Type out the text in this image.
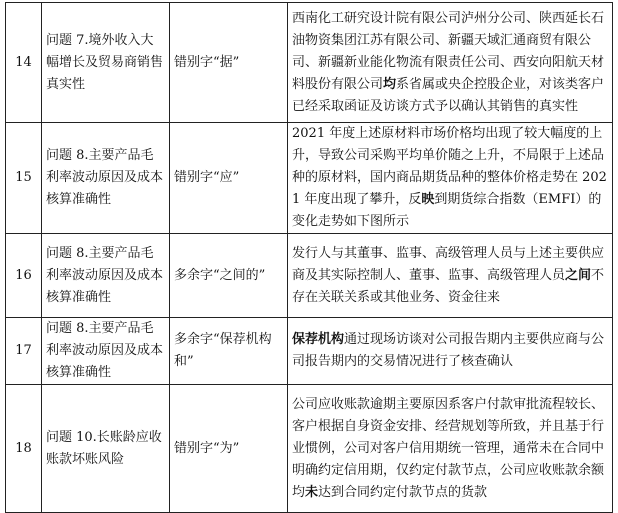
14	问题 7.境外收入大幅增长及贸易商销售真实性	错别字“据”	西南化工研究设计院有限公司泸州分公司、陕西延长石油物资集团江苏有限公司、新疆天域汇通商贸有限公司、新疆新业能化物流有限责任公司、西安向阳航天材料股份有限公司均系省属或央企控股企业，对该类客户已经采取函证及访谈方式予以确认其销售的真实性
15	问题 8.主要产品毛利率波动原因及成本核算准确性	错别字“应”	2021 年度上述原材料市场价格均出现了较大幅度的上升，导致公司采购平均单价随之上升，不局限于上述品种的原材料，国内商品期货品种的整体价格走势在 2021 年度出现了攀升，反映到期货综合指数（EMFI）的变化走势如下图所示
16	问题 8.主要产品毛利率波动原因及成本核算准确性	多余字“之间的”	发行人与其董事、监事、高级管理人员与上述主要供应商及其实际控制人、董事、监事、高级管理人员之间不存在关联关系或其他业务、资金往来
17	问题 8.主要产品毛利率波动原因及成本核算准确性	多余字“保荐机构和”	保荐机构通过现场访谈对公司报告期内主要供应商与公司报告期内的交易情况进行了核查确认
18	问题 10.长账龄应收账款坏账风险	错别字“为”	公司应收账款逾期主要原因系客户付款审批流程较长、客户根据自身资金安排、经营规划等所致，并且基于行业惯例，公司对客户信用期统一管理，通常未在合同中明确约定信用期，仅约定付款节点，公司应收账款余额均未达到合同约定付款节点的货款
